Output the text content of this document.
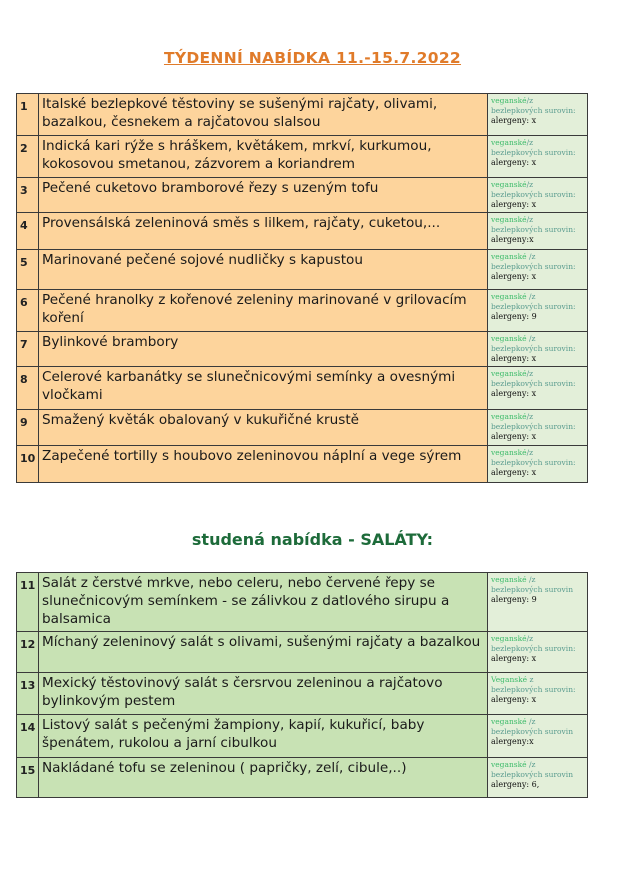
TÝDENNÍ NABÍDKA 11.-15.7.2022
1	Italské bezlepkové těstoviny se sušenými rajčaty, olivami, bazalkou, česnekem a rajčatovou slalsou	veganské/z bezlepkových surovin:
alergeny: x

2	Indická kari rýže s hráškem, květákem, mrkví, kurkumou, kokosovou smetanou, zázvorem a koriandrem	veganské/z bezlepkových surovin:
alergeny: x

3	Pečené cuketovo bramborové řezy s uzeným tofu	veganské/z bezlepkových surovin:
alergeny: x

4	Provensálská zeleninová směs s lilkem, rajčaty, cuketou,...	veganské/z bezlepkových surovin:
alergeny:x

5	Marinované pečené sojové nudličky s kapustou	veganské /z bezlepkových surovin:
alergeny: x

6	Pečené hranolky z kořenové zeleniny marinované v grilovacím koření	veganské /z bezlepkových surovin:
alergeny: 9

7	Bylinkové brambory	veganské /z bezlepkových surovin:
alergeny: x

8	Celerové karbanátky se slunečnicovými semínky a ovesnými vločkami	veganské/z bezlepkových surovin:
alergeny: x

9	Smažený květák obalovaný v kukuřičné krustě	veganské/z bezlepkových surovin:
alergeny: x

10	Zapečené tortilly s houbovo zeleninovou náplní a vege sýrem	veganské/z bezlepkových surovin:
alergeny: x
studená nabídka - SALÁTY:
11	Salát z čerstvé mrkve, nebo celeru, nebo červené řepy se slunečnicovým semínkem - se zálivkou z datlového sirupu a balsamica	veganské /z bezlepkových surovin
alergeny: 9

12	Míchaný zeleninový salát s olivami, sušenými rajčaty a bazalkou	veganské/z bezlepkových surovin:
alergeny: x

13	Mexický těstovinový salát s čersrvou zeleninou a rajčatovo bylinkovým pestem	Veganské z bezlepkových surovin:
alergeny: x

14	Listový salát s pečenými žampiony, kapií, kukuřicí, baby špenátem, rukolou a jarní cibulkou	veganské /z bezlepkových surovin
alergeny:x

15	Nakládané tofu se zeleninou ( papričky, zelí, cibule,..)	veganské /z bezlepkových surovin
alergeny: 6,
